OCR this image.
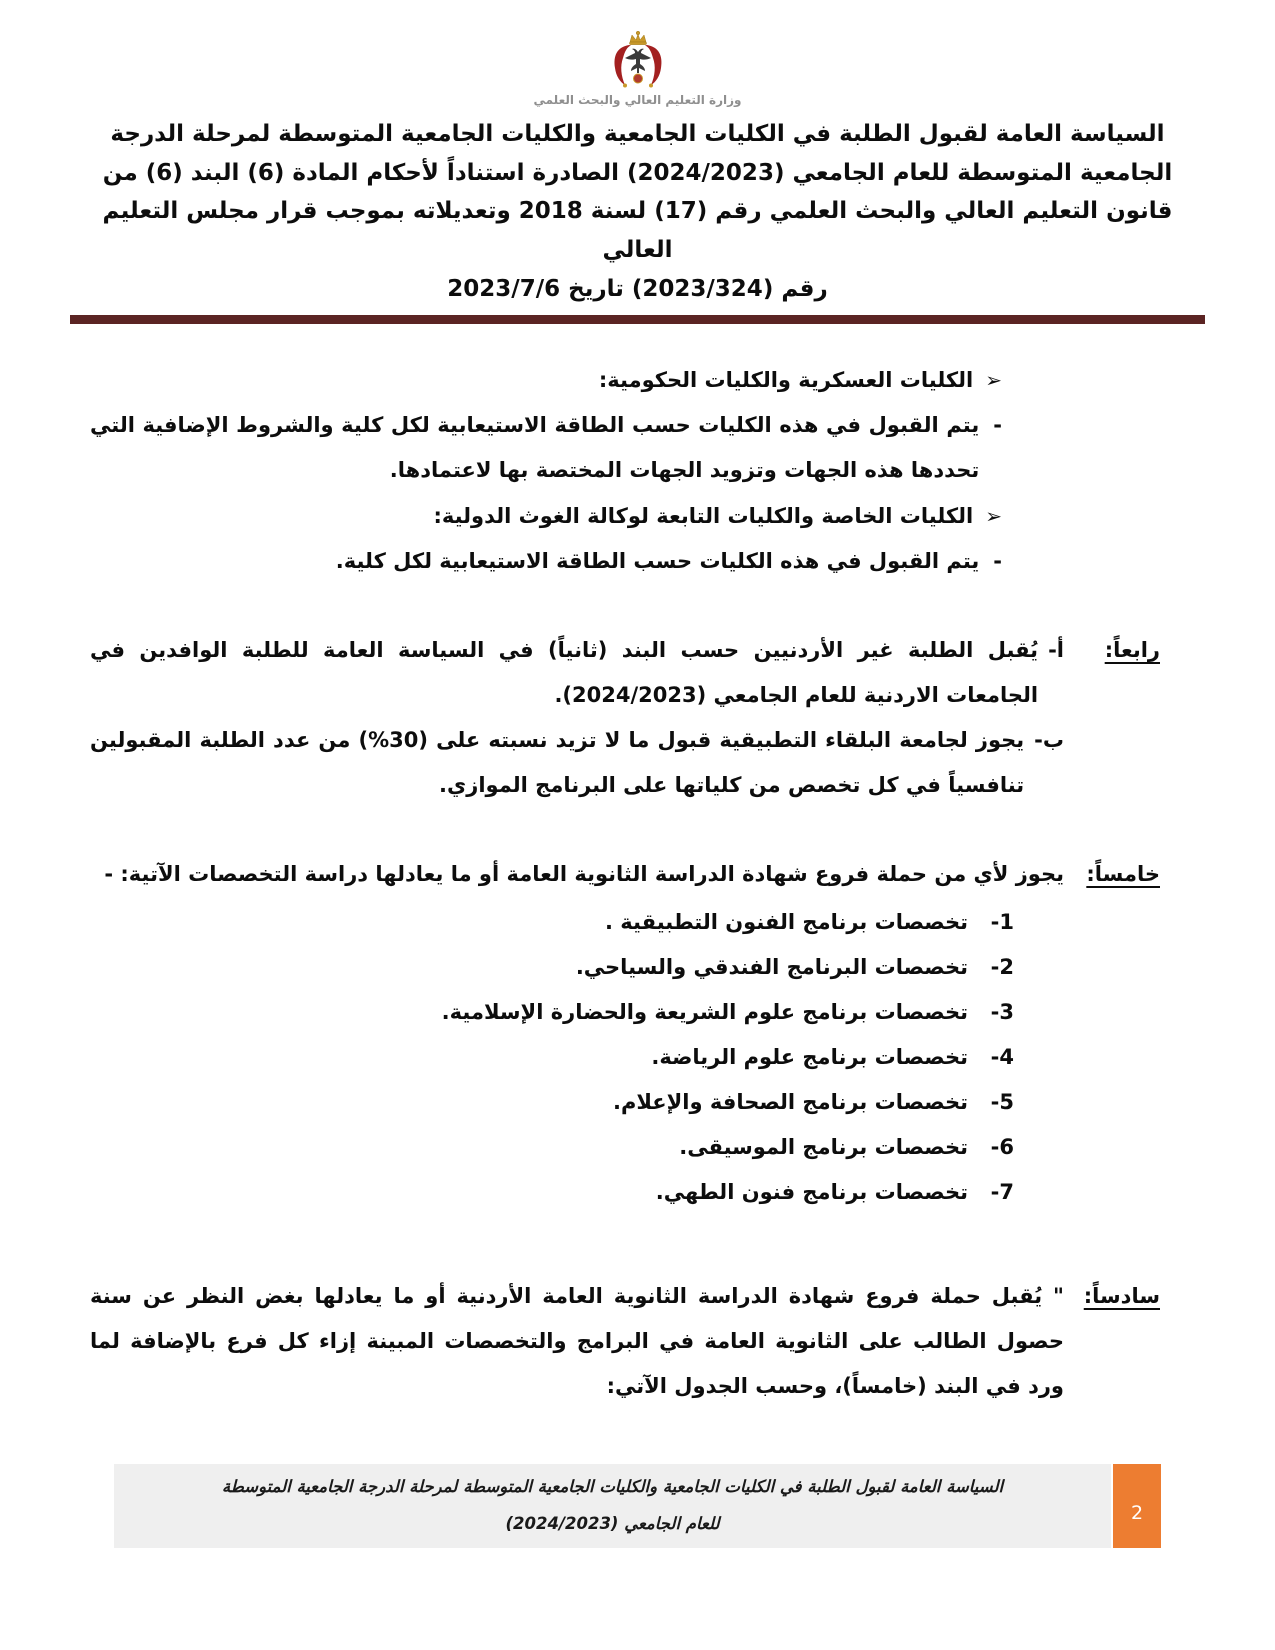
وزارة التعليم العالي والبحث العلمي
السياسة العامة لقبول الطلبة في الكليات الجامعية والكليات الجامعية المتوسطة لمرحلة الدرجة
الجامعية المتوسطة للعام الجامعي (2024/2023) الصادرة استناداً لأحكام المادة (6) البند (6) من
قانون التعليم العالي والبحث العلمي رقم (17) لسنة 2018 وتعديلاته بموجب قرار مجلس التعليم العالي
رقم (2023/324) تاريخ 2023/7/6
➢
الكليات العسكرية والكليات الحكومية:
-
يتم القبول في هذه الكليات حسب الطاقة الاستيعابية لكل كلية والشروط الإضافية التي تحددها هذه الجهات وتزويد الجهات المختصة بها لاعتمادها.
➢
الكليات الخاصة والكليات التابعة لوكالة الغوث الدولية:
-
يتم القبول في هذه الكليات حسب الطاقة الاستيعابية لكل كلية.
رابعاً:
أ-
يُقبل الطلبة غير الأردنيين حسب البند (ثانياً) في السياسة العامة للطلبة الوافدين في الجامعات الاردنية للعام الجامعي (2024/2023).
ب-
يجوز لجامعة البلقاء التطبيقية قبول ما لا تزيد نسبته على (30%) من عدد الطلبة المقبولين تنافسياً في كل تخصص من كلياتها على البرنامج الموازي.
خامساً:
يجوز لأي من حملة فروع شهادة الدراسة الثانوية العامة أو ما يعادلها دراسة التخصصات الآتية: -
1-
تخصصات برنامج الفنون التطبيقية .
2-
تخصصات البرنامج الفندقي والسياحي.
3-
تخصصات برنامج علوم الشريعة والحضارة الإسلامية.
4-
تخصصات برنامج علوم الرياضة.
5-
تخصصات برنامج الصحافة والإعلام.
6-
تخصصات برنامج الموسيقى.
7-
تخصصات برنامج فنون الطهي.
سادساً:
" يُقبل حملة فروع شهادة الدراسة الثانوية العامة الأردنية أو ما يعادلها بغض النظر عن سنة حصول الطالب على الثانوية العامة في البرامج والتخصصات المبينة إزاء كل فرع بالإضافة لما ورد في البند (خامساً)، وحسب الجدول الآتي:
2
السياسة العامة لقبول الطلبة في الكليات الجامعية والكليات الجامعية المتوسطة لمرحلة الدرجة الجامعية المتوسطة
للعام الجامعي (2024/2023)
